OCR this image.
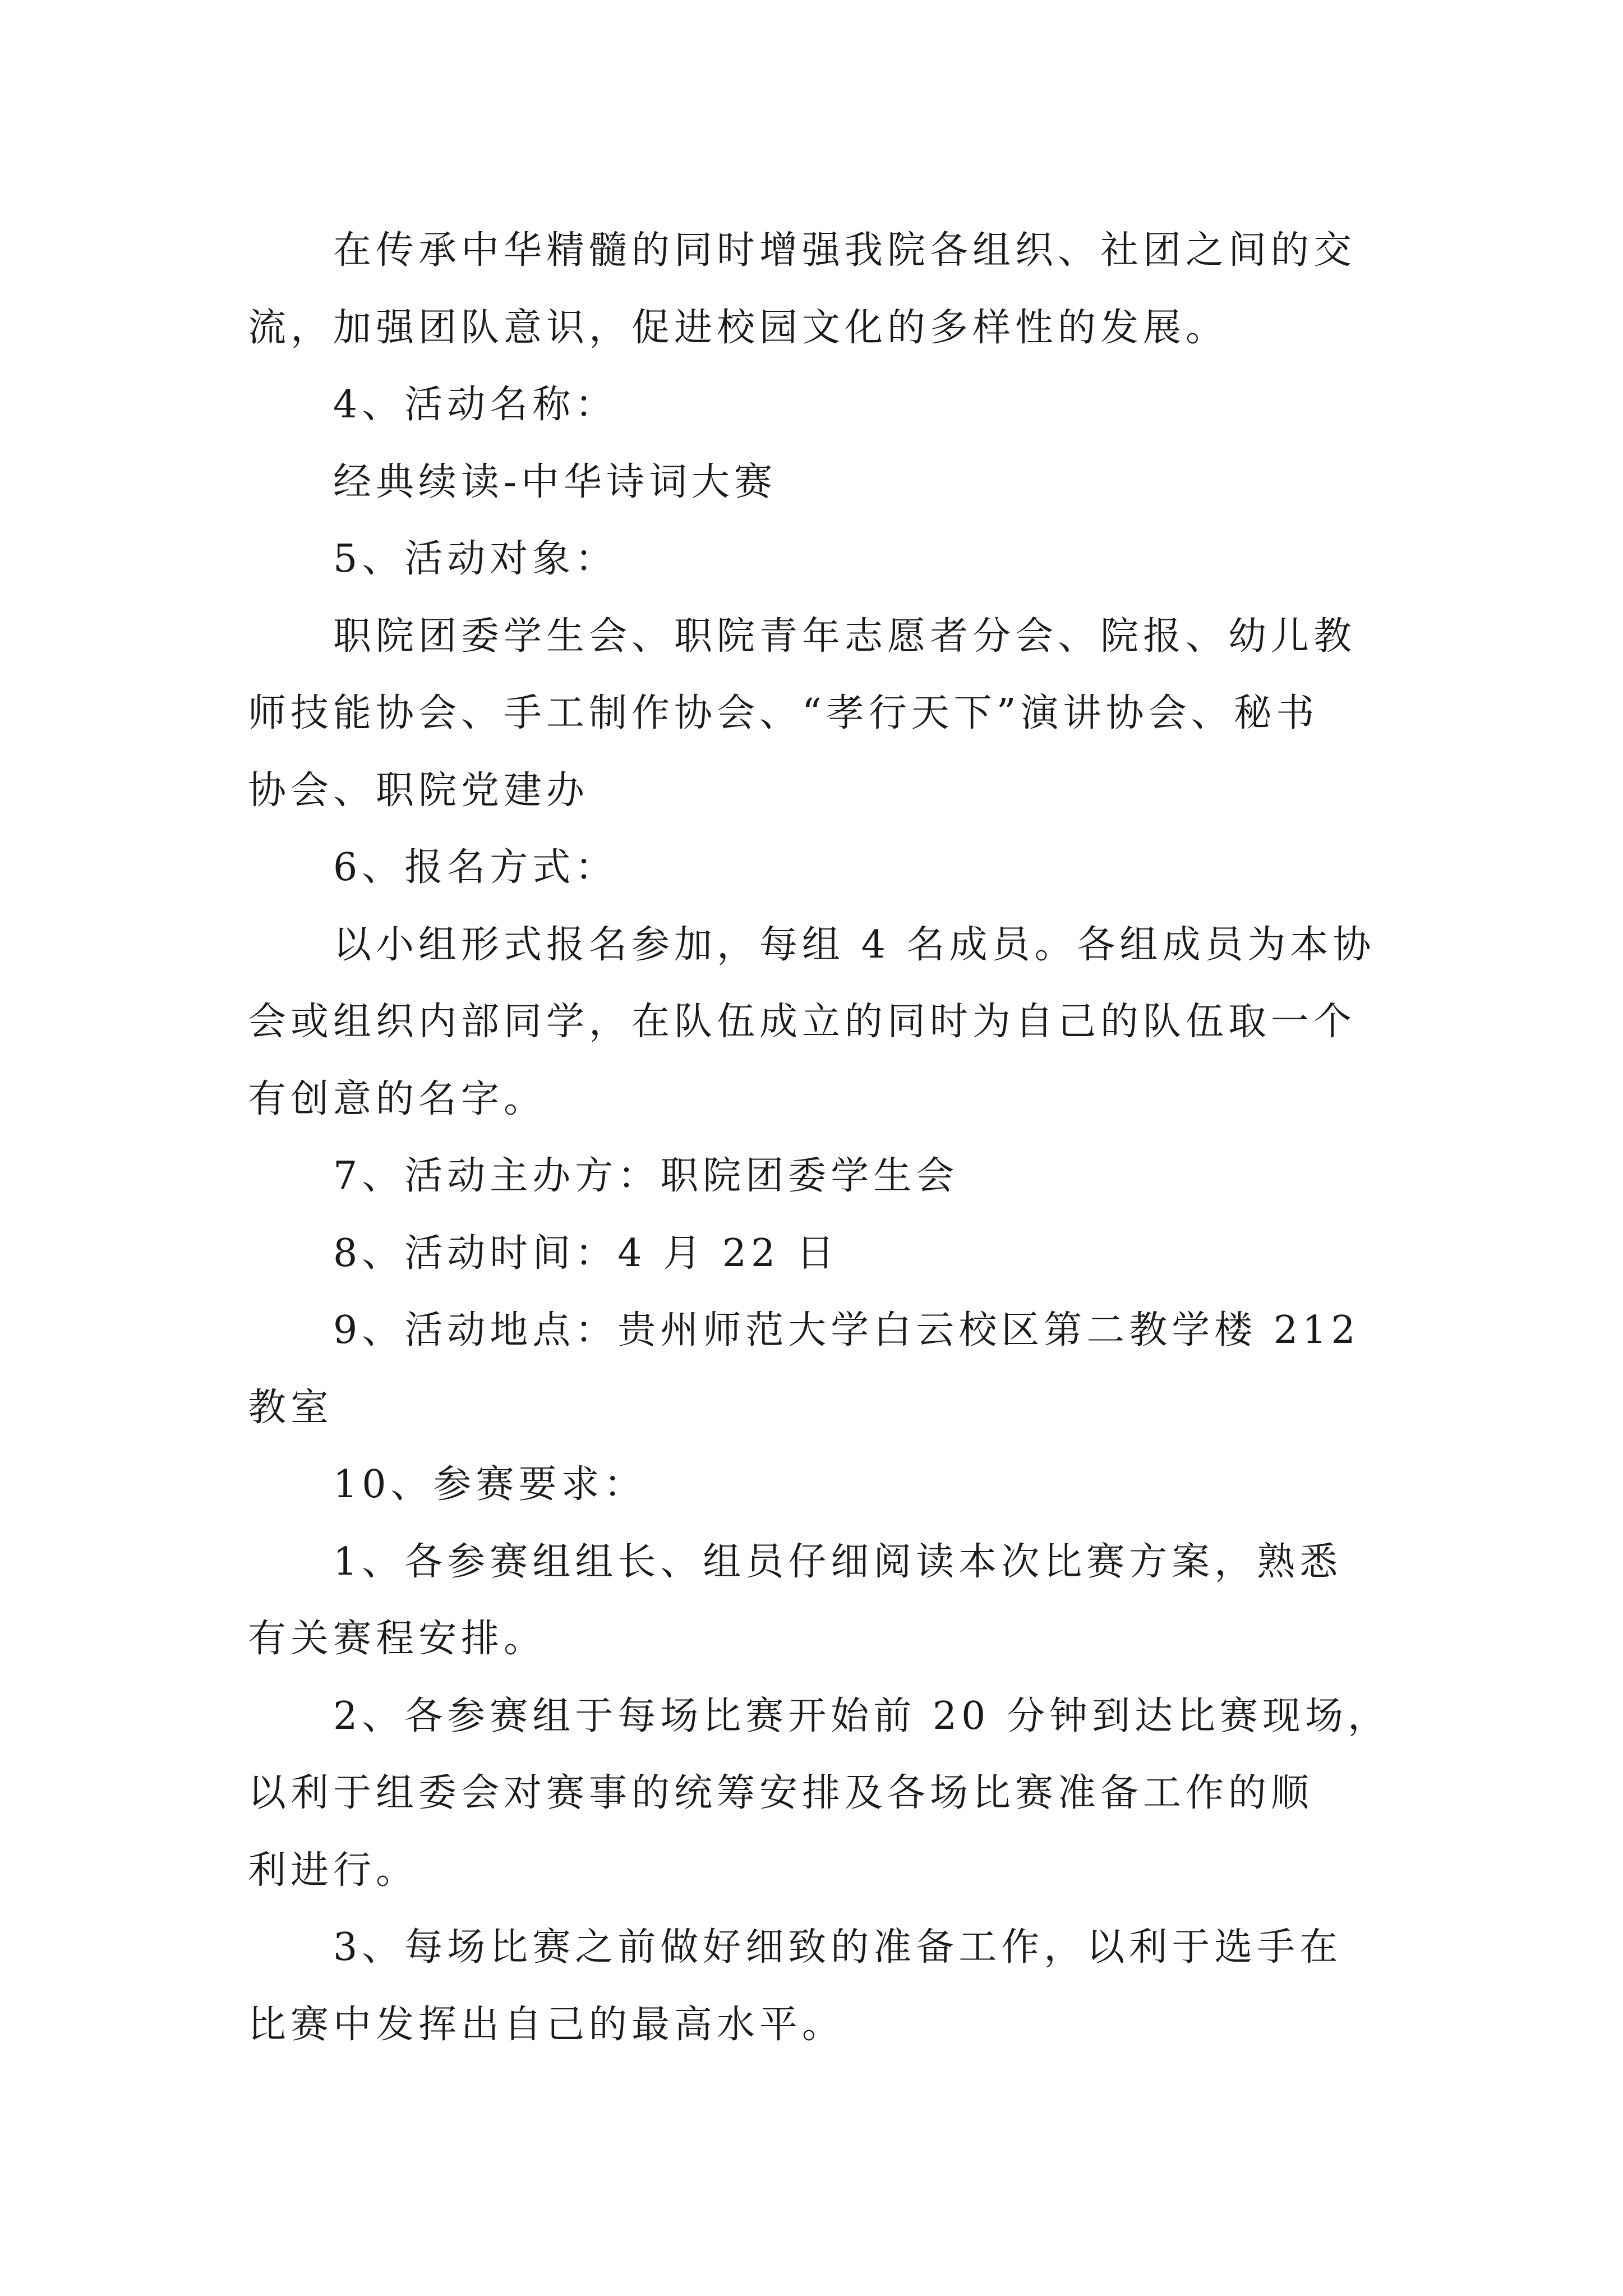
在传承中华精髓的同时增强我院各组织、社团之间的交
流，加强团队意识，促进校园文化的多样性的发展。
4、活动名称：
经典续读-中华诗词大赛
5、活动对象：
职院团委学生会、职院青年志愿者分会、院报、幼儿教
师技能协会、手工制作协会、“孝行天下”演讲协会、秘书
协会、职院党建办
6、报名方式：
以小组形式报名参加，每组 4 名成员。各组成员为本协
会或组织内部同学，在队伍成立的同时为自己的队伍取一个
有创意的名字。
7、活动主办方：职院团委学生会
8、活动时间：4 月 22 日
9、活动地点：贵州师范大学白云校区第二教学楼 212
教室
10、参赛要求：
1、各参赛组组长、组员仔细阅读本次比赛方案，熟悉
有关赛程安排。
2、各参赛组于每场比赛开始前 20 分钟到达比赛现场，
以利于组委会对赛事的统筹安排及各场比赛准备工作的顺
利进行。
3、每场比赛之前做好细致的准备工作，以利于选手在
比赛中发挥出自己的最高水平。
